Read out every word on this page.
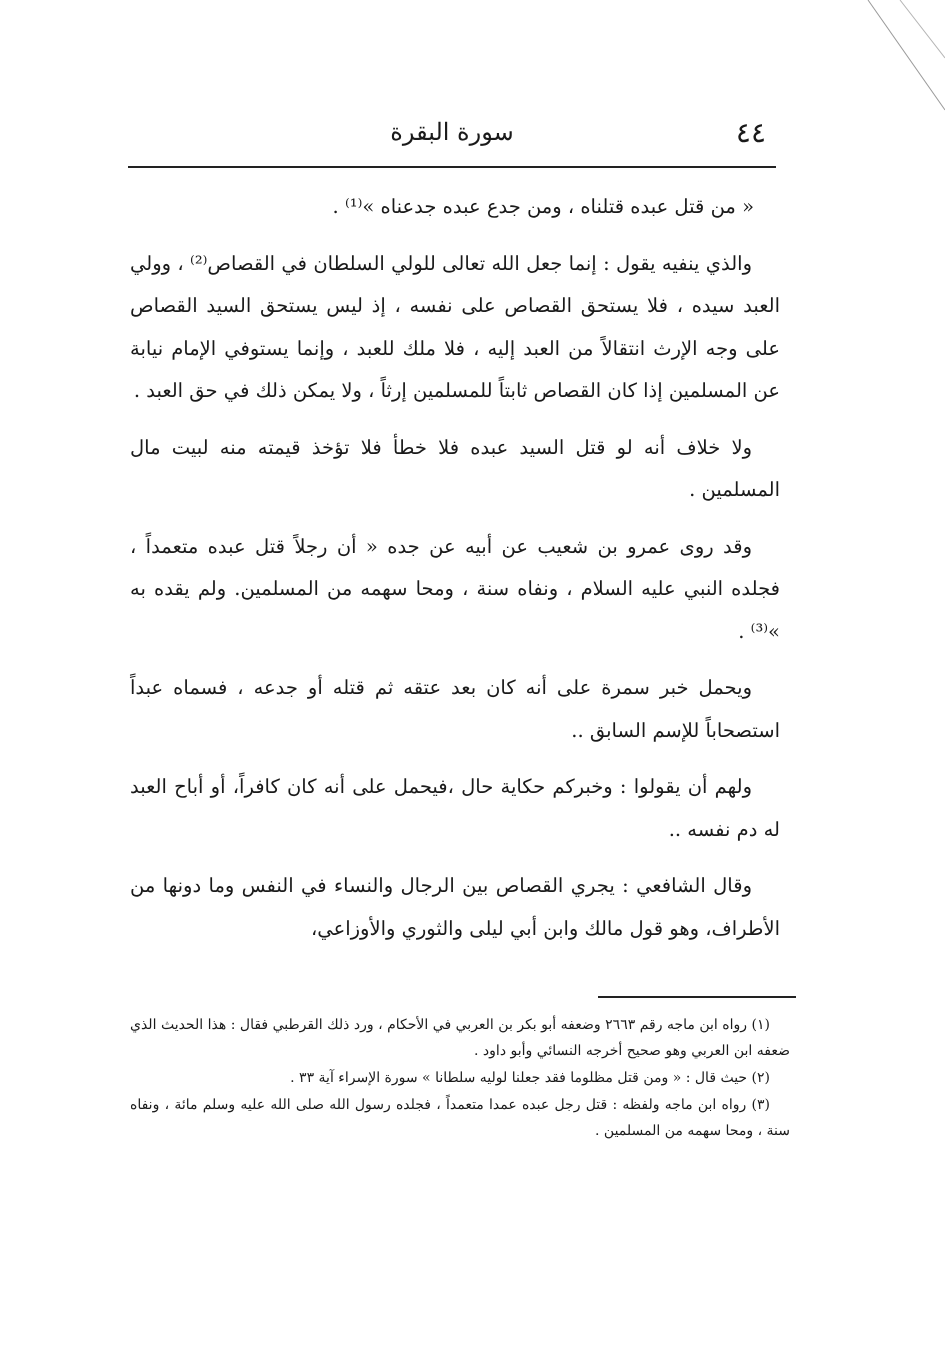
٤٤
سورة البقرة

« من قتل عبده قتلناه ، ومن جدع عبده جدعناه »⁽¹⁾ .

والذي ينفيه يقول : إنما جعل الله تعالى للولي السلطان في القصاص⁽²⁾ ، وولي العبد سيده ، فلا يستحق القصاص على نفسه ، إذ ليس يستحق السيد القصاص على وجه الإرث انتقالاً من العبد إليه ، فلا ملك للعبد ، وإنما يستوفي الإمام نيابة عن المسلمين إذا كان القصاص ثابتاً للمسلمين إرثاً ، ولا يمكن ذلك في حق العبد .

ولا خلاف أنه لو قتل السيد عبده فلا خطأ فلا تؤخذ قيمته منه لبيت مال المسلمين .

وقد روى عمرو بن شعيب عن أبيه عن جده « أن رجلاً قتل عبده متعمداً ، فجلده النبي عليه السلام ، ونفاه سنة ، ومحا سهمه من المسلمين. ولم يقده به »⁽³⁾ .

ويحمل خبر سمرة على أنه كان بعد عتقه ثم قتله أو جدعه ، فسماه عبداً استصحاباً للإسم السابق ..

ولهم أن يقولوا : وخبركم حكاية حال ،فيحمل على أنه كان كافراً، أو أباح العبد له دم نفسه ..

وقال الشافعي : يجري القصاص بين الرجال والنساء في النفس وما دونها من الأطراف، وهو قول مالك وابن أبي ليلى والثوري والأوزاعي،

(١) رواه ابن ماجه رقم ٢٦٦٣ وضعفه أبو بكر بن العربي في الأحكام ، ورد ذلك القرطبي فقال : هذا الحديث الذي ضعفه ابن العربي وهو صحيح أخرجه النسائي وأبو داود .

(٢) حيث قال : « ومن قتل مظلوما فقد جعلنا لوليه سلطانا » سورة الإسراء آية ٣٣ .

(٣) رواه ابن ماجه ولفظه : قتل رجل عبده عمدا متعمداً ، فجلده رسول الله صلى الله عليه وسلم مائة ، ونفاه سنة ، ومحا سهمه من المسلمين .
